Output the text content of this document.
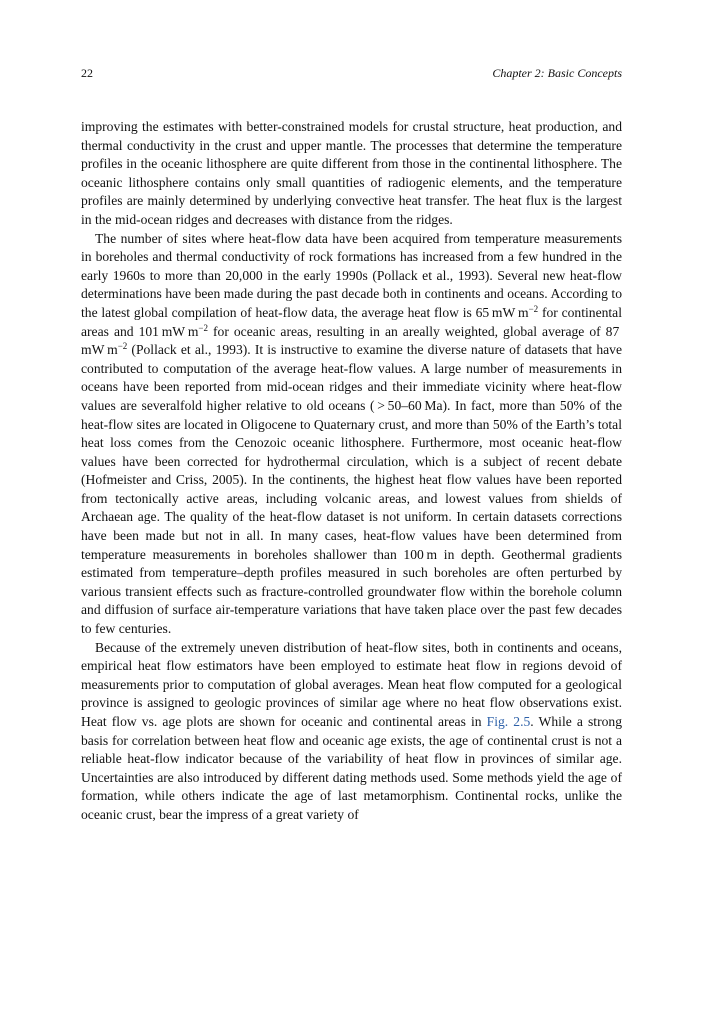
22	Chapter 2: Basic Concepts

improving the estimates with better-constrained models for crustal structure, heat production, and thermal conductivity in the crust and upper mantle. The processes that determine the temperature profiles in the oceanic lithosphere are quite different from those in the continental lithosphere. The oceanic lithosphere contains only small quantities of radiogenic elements, and the temperature profiles are mainly determined by underlying convective heat transfer. The heat flux is the largest in the mid-ocean ridges and decreases with distance from the ridges.

The number of sites where heat-flow data have been acquired from temperature measurements in boreholes and thermal conductivity of rock formations has increased from a few hundred in the early 1960s to more than 20,000 in the early 1990s (Pollack et al., 1993). Several new heat-flow determinations have been made during the past decade both in continents and oceans. According to the latest global compilation of heat-flow data, the average heat flow is 65 mW $m^{-2}$ for continental areas and 101 mW $m^{-2}$ for oceanic areas, resulting in an areally weighted, global average of 87 mW $m^{-2}$ (Pollack et al., 1993). It is instructive to examine the diverse nature of datasets that have contributed to computation of the average heat-flow values. A large number of measurements in oceans have been reported from mid-ocean ridges and their immediate vicinity where heat-flow values are severalfold higher relative to old oceans ( > 50–60 Ma). In fact, more than 50% of the heat-flow sites are located in Oligocene to Quaternary crust, and more than 50% of the Earth’s total heat loss comes from the Cenozoic oceanic lithosphere. Furthermore, most oceanic heat-flow values have been corrected for hydrothermal circulation, which is a subject of recent debate (Hofmeister and Criss, 2005). In the continents, the highest heat flow values have been reported from tectonically active areas, including volcanic areas, and lowest values from shields of Archaean age. The quality of the heat-flow dataset is not uniform. In certain datasets corrections have been made but not in all. In many cases, heat-flow values have been determined from temperature measurements in boreholes shallower than 100 m in depth. Geothermal gradients estimated from temperature–depth profiles measured in such boreholes are often perturbed by various transient effects such as fracture-controlled groundwater flow within the borehole column and diffusion of surface air-temperature variations that have taken place over the past few decades to few centuries.

Because of the extremely uneven distribution of heat-flow sites, both in continents and oceans, empirical heat flow estimators have been employed to estimate heat flow in regions devoid of measurements prior to computation of global averages. Mean heat flow computed for a geological province is assigned to geologic provinces of similar age where no heat flow observations exist. Heat flow vs. age plots are shown for oceanic and continental areas in Fig. 2.5. While a strong basis for correlation between heat flow and oceanic age exists, the age of continental crust is not a reliable heat-flow indicator because of the variability of heat flow in provinces of similar age. Uncertainties are also introduced by different dating methods used. Some methods yield the age of formation, while others indicate the age of last metamorphism. Continental rocks, unlike the oceanic crust, bear the impress of a great variety of
